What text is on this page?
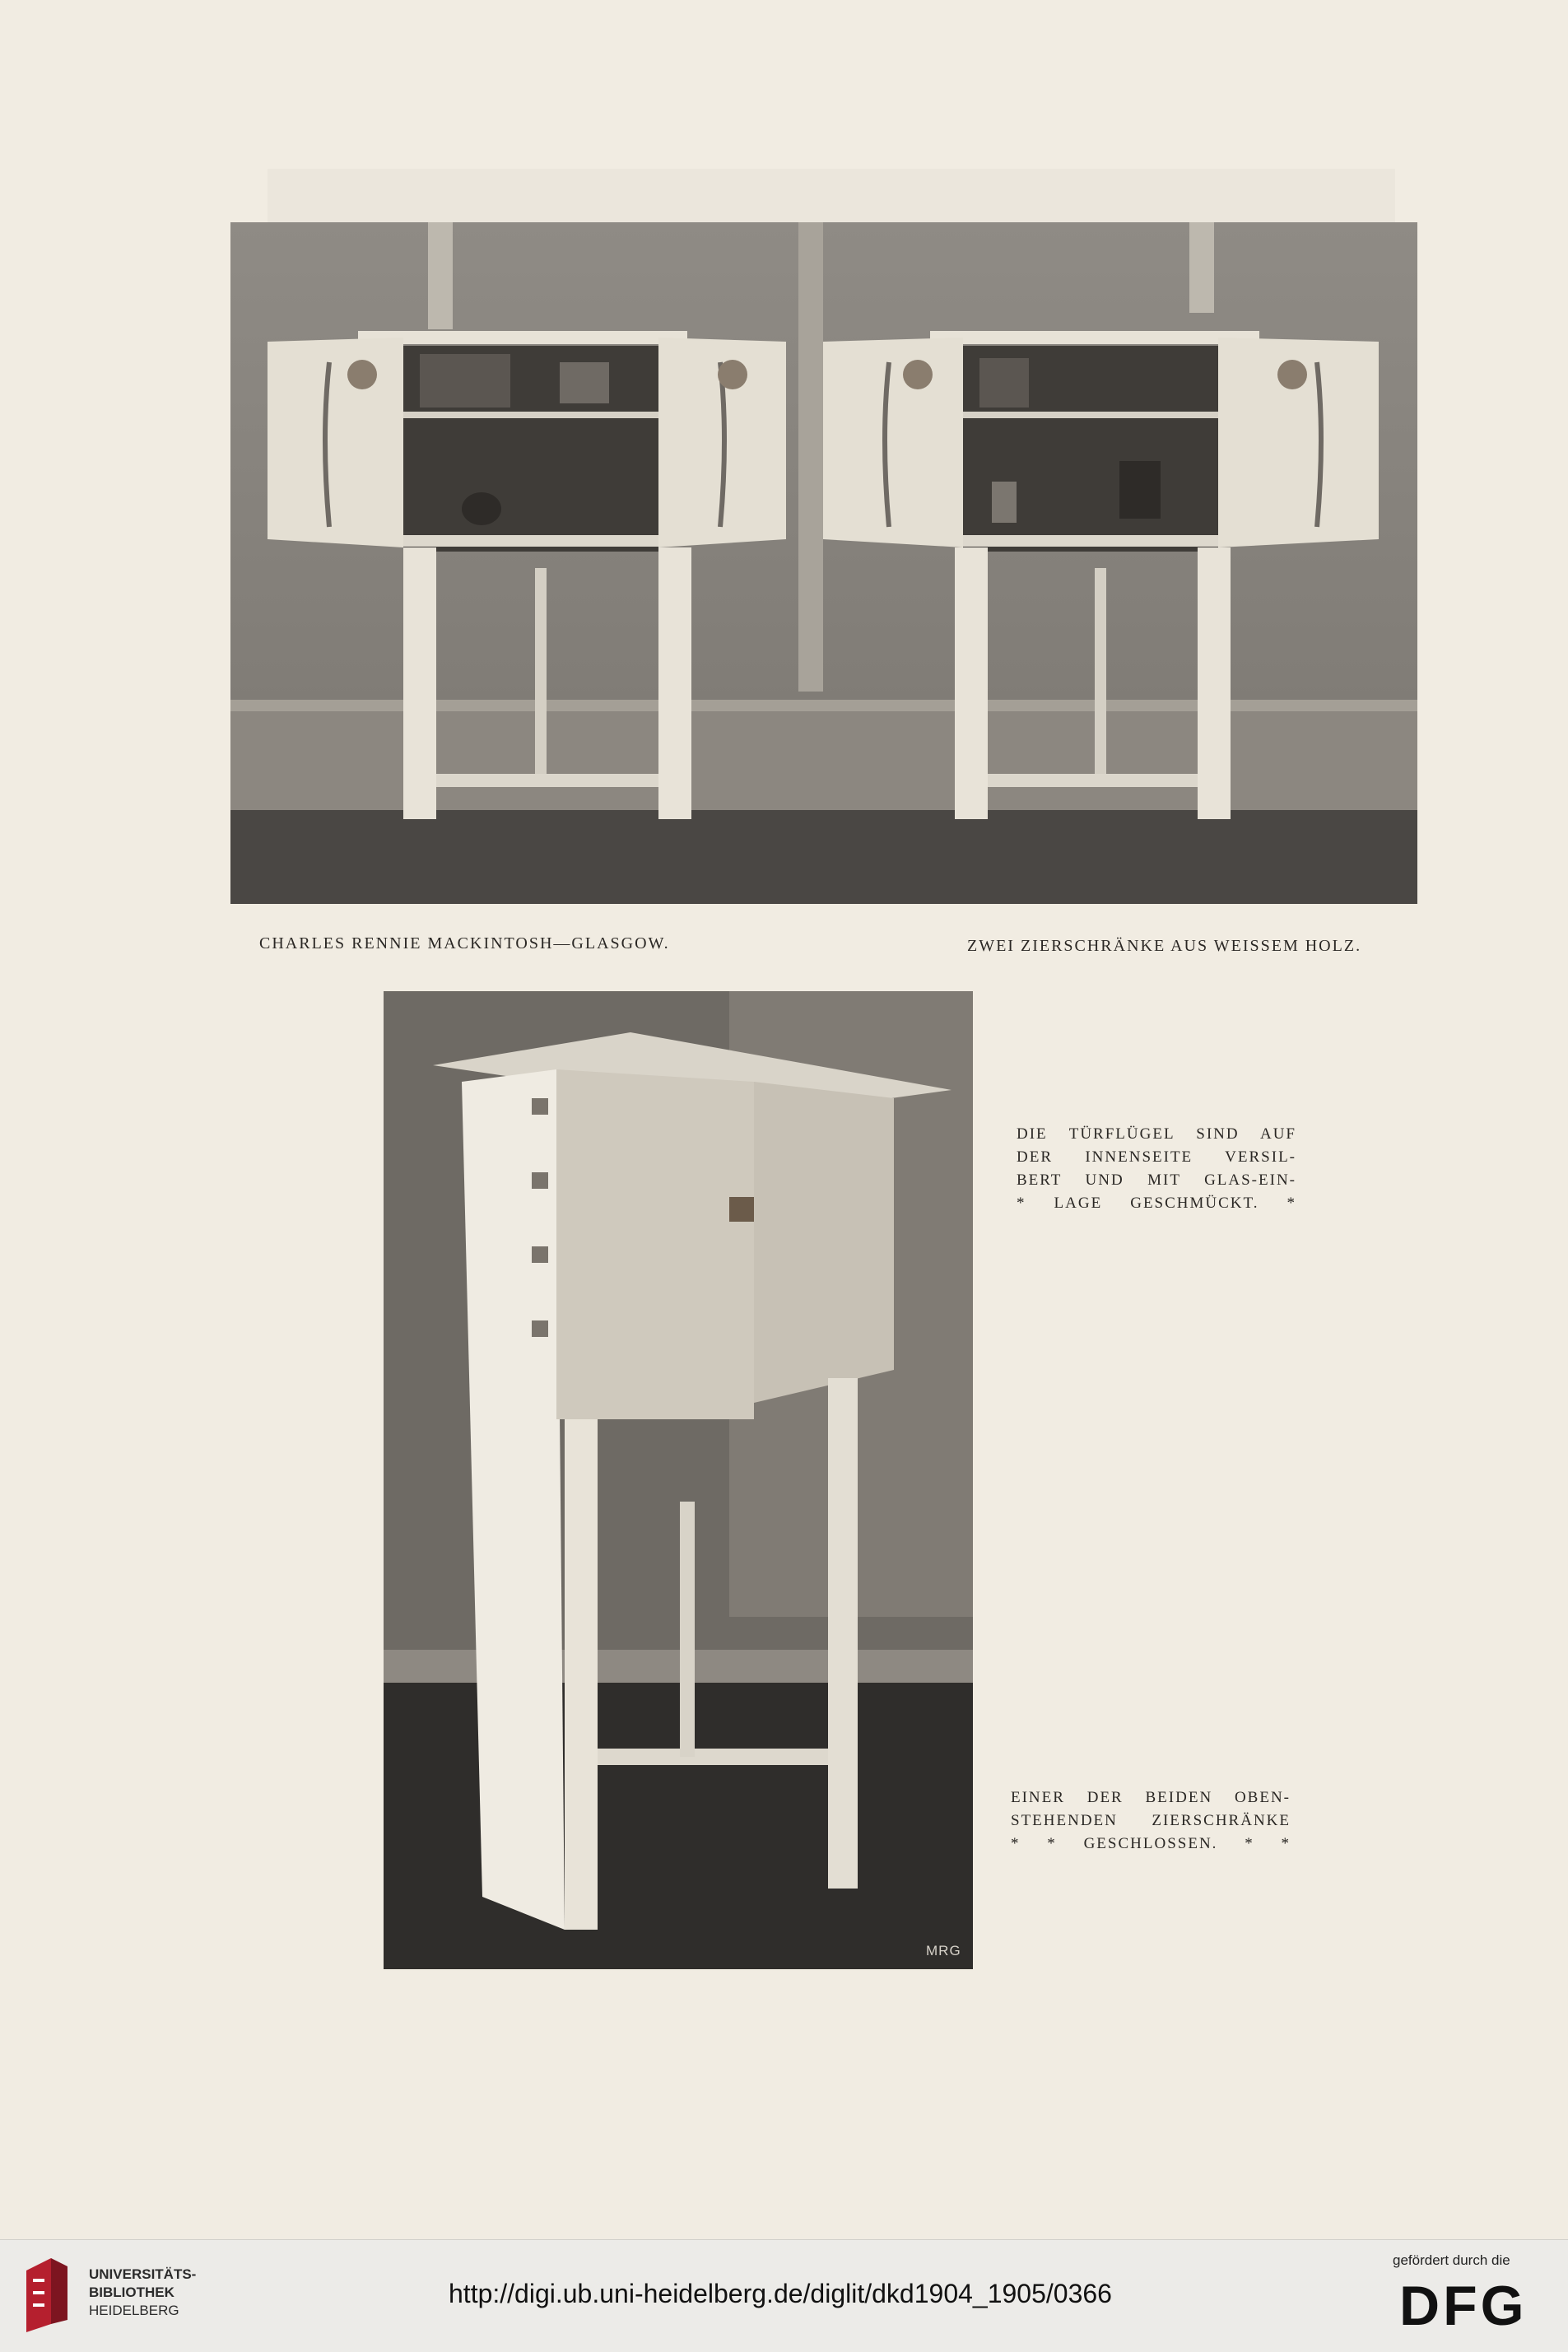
CHARLES RENNIE MACKINTOSH—GLASGOW.	ZWEI ZIERSCHRÄNKE AUS WEISSEM HOLZ.
MRG
DIE TÜRFLÜGEL SIND AUF
DER INNENSEITE VERSIL-
BERT UND MIT GLAS-EIN-
* LAGE GESCHMÜCKT. *
EINER DER BEIDEN OBEN-
STEHENDEN ZIERSCHRÄNKE
* * GESCHLOSSEN. * *
UNIVERSITÄTS-
BIBLIOTHEK
HEIDELBERG
http://digi.ub.uni-heidelberg.de/diglit/dkd1904_1905/0366
gefördert durch die
DFG
